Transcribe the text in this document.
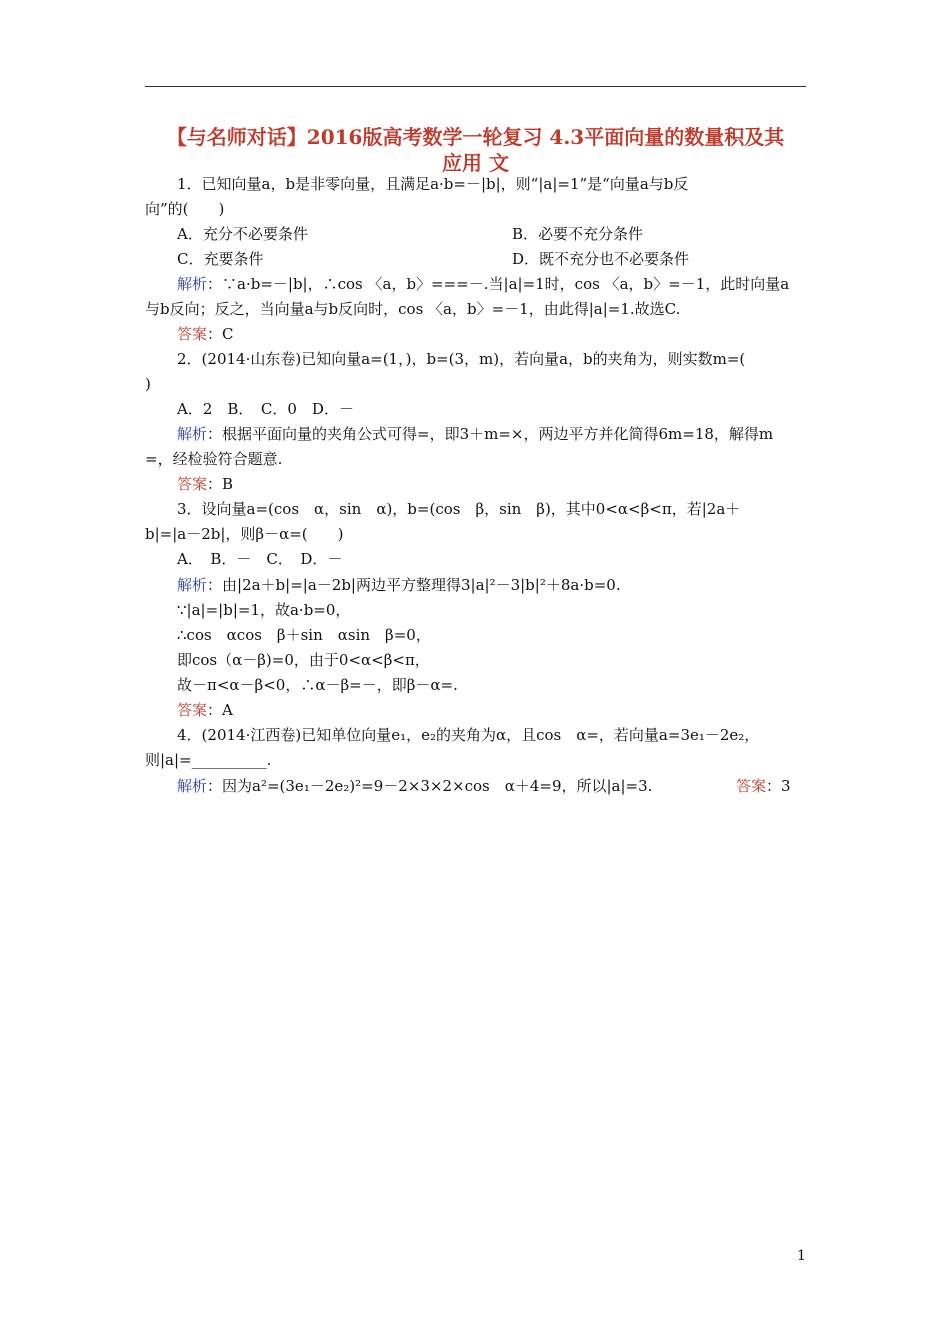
【与名师对话】2016版高考数学一轮复习 4.3平面向量的数量积及其
应用 文
1．已知向量a，b是非零向量，且满足a·b=－|b|，则“|a|=1”是“向量a与b反
向”的(　　)
A．充分不必要条件	B．必要不充分条件
C．充要条件	D．既不充分也不必要条件
解析：∵a·b=－|b|，∴cos 〈a，b〉===－.当|a|=1时，cos 〈a，b〉=－1，此时向量a
与b反向；反之，当向量a与b反向时，cos 〈a，b〉=－1，由此得|a|=1.故选C.
答案：C
2．(2014·山东卷)已知向量a=(1，)，b=(3，m)，若向量a，b的夹角为，则实数m=(
)
A．2　B．　C．0　D．－
解析：根据平面向量的夹角公式可得=，即3＋m=×，两边平方并化简得6m=18，解得m
=，经检验符合题意.
答案：B
3．设向量a=(cos　α，sin　α)，b=(cos　β，sin　β)，其中0<α<β<π，若|2a＋
b|=|a－2b|，则β－α=(　　)
A．　B．－　C．　D．－
解析：由|2a＋b|=|a－2b|两边平方整理得3|a|²－3|b|²＋8a·b=0.
∵|a|=|b|=1，故a·b=0，
∴cos　αcos　β＋sin　αsin　β=0，
即cos（α－β)=0，由于0<α<β<π，
故－π<α－β<0，∴α－β=－，即β－α=.
答案：A
4．(2014·江西卷)已知单位向量e₁，e₂的夹角为α，且cos　α=，若向量a=3e₁－2e₂，
则|a|=__________.
解析：因为a²=(3e₁－2e₂)²=9－2×3×2×cos　α＋4=9，所以|a|=3.	答案：3
1
